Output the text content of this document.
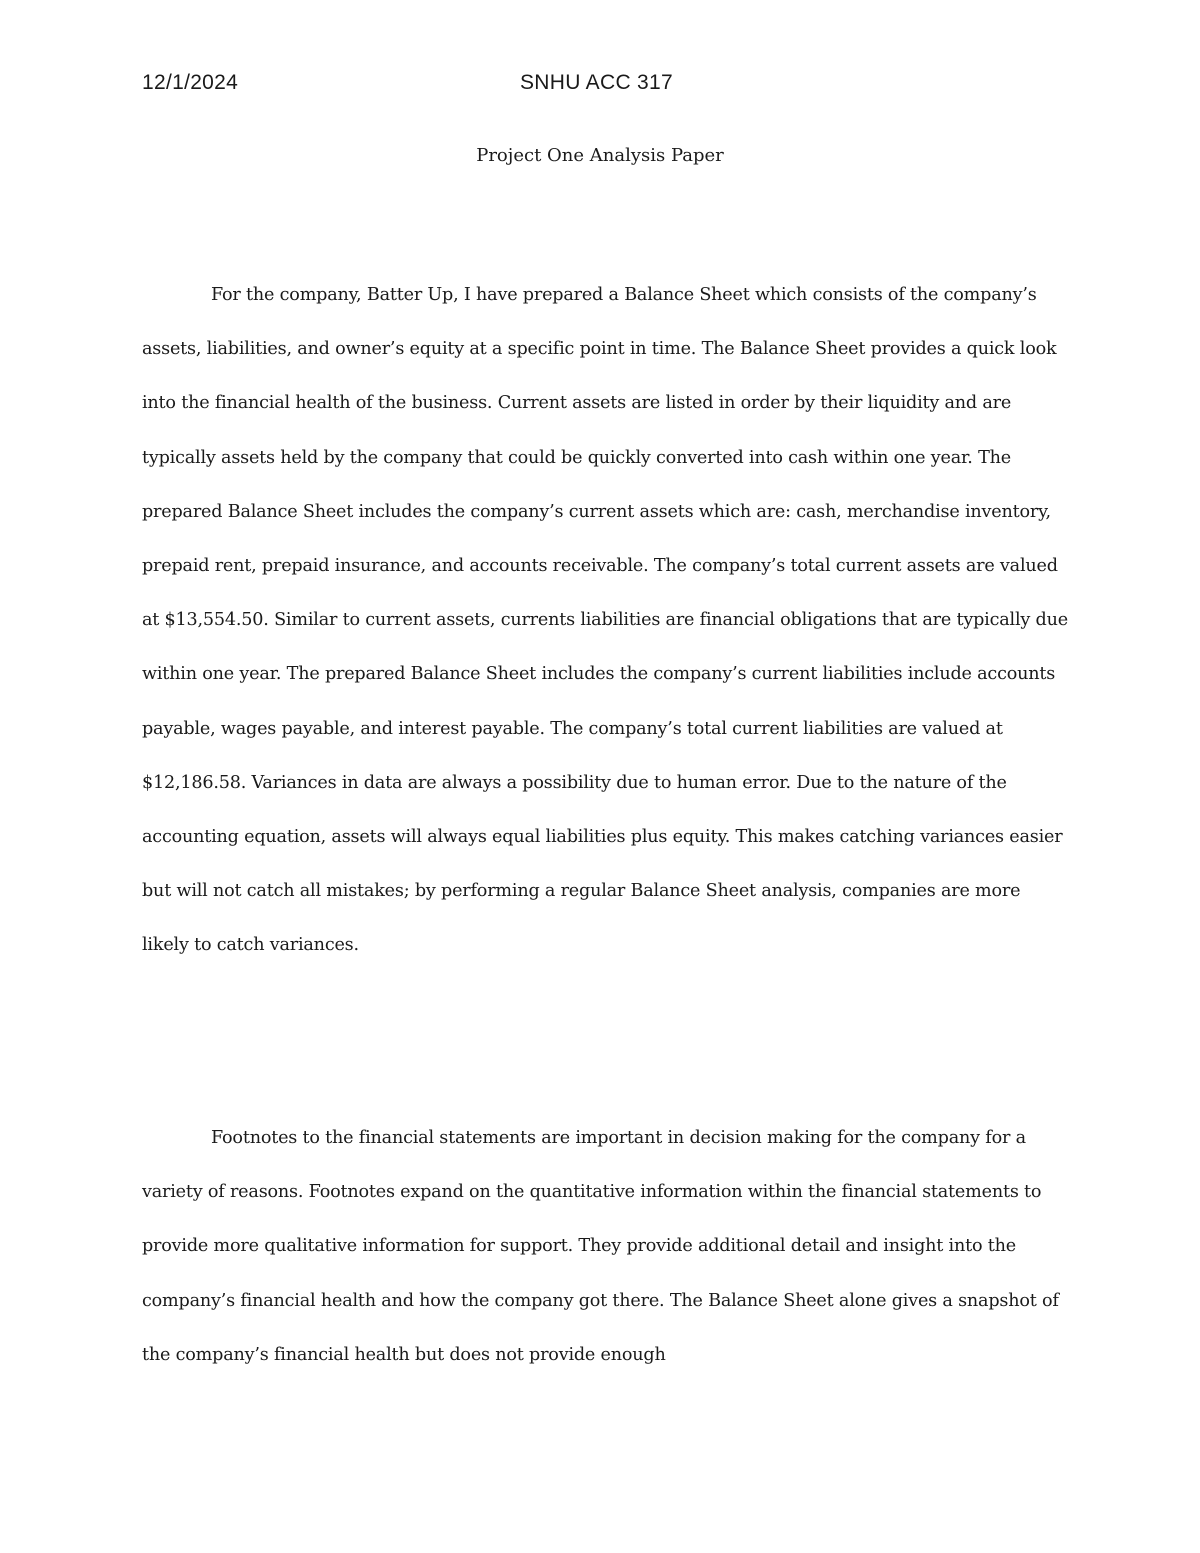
12/1/2024	SNHU ACC 317
Project One Analysis Paper

For the company, Batter Up, I have prepared a Balance Sheet which consists of the company’s assets, liabilities, and owner’s equity at a specific point in time. The Balance Sheet provides a quick look into the financial health of the business. Current assets are listed in order by their liquidity and are typically assets held by the company that could be quickly converted into cash within one year. The prepared Balance Sheet includes the company’s current assets which are: cash, merchandise inventory, prepaid rent, prepaid insurance, and accounts receivable. The company’s total current assets are valued at $13,554.50. Similar to current assets, currents liabilities are financial obligations that are typically due within one year. The prepared Balance Sheet includes the company’s current liabilities include accounts payable, wages payable, and interest payable. The company’s total current liabilities are valued at $12,186.58. Variances in data are always a possibility due to human error. Due to the nature of the accounting equation, assets will always equal liabilities plus equity. This makes catching variances easier but will not catch all mistakes; by performing a regular Balance Sheet analysis, companies are more likely to catch variances.

Footnotes to the financial statements are important in decision making for the company for a variety of reasons. Footnotes expand on the quantitative information within the financial statements to provide more qualitative information for support. They provide additional detail and insight into the company’s financial health and how the company got there. The Balance Sheet alone gives a snapshot of the company’s financial health but does not provide enough
